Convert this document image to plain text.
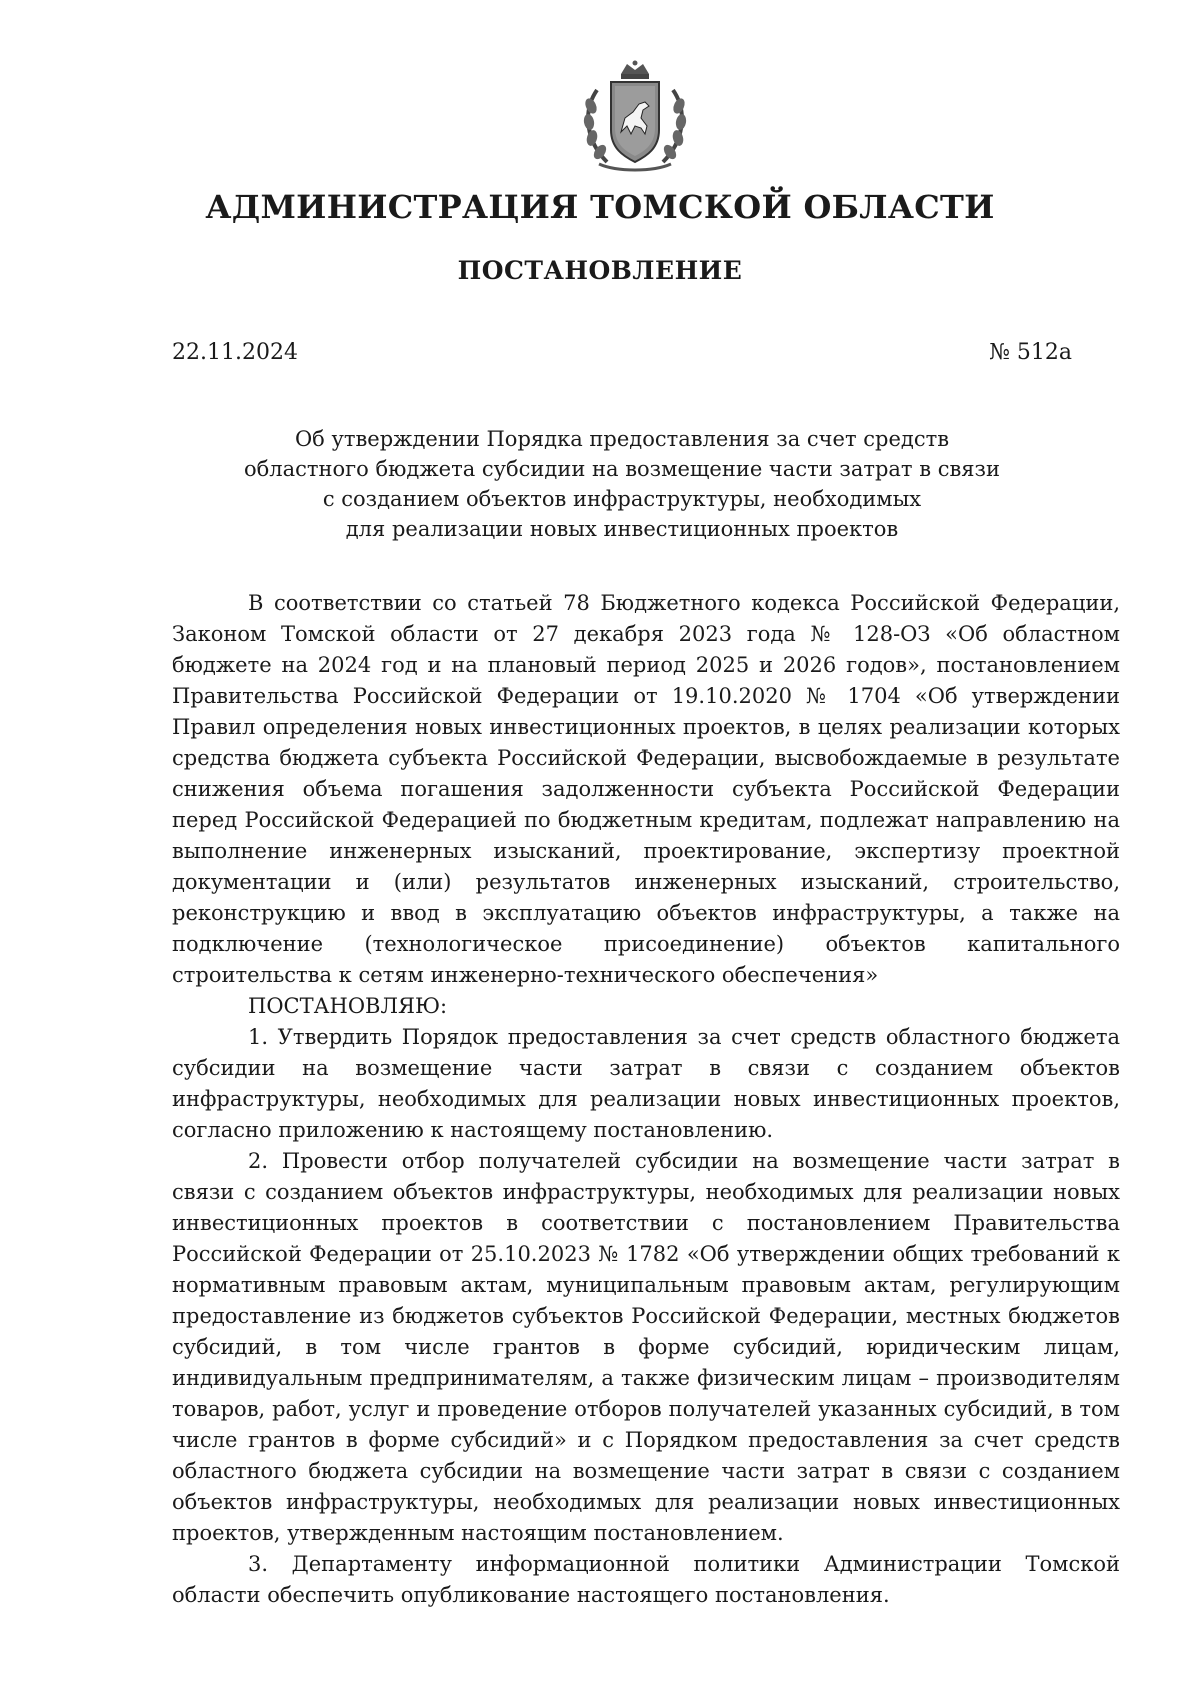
АДМИНИСТРАЦИЯ ТОМСКОЙ ОБЛАСТИ
ПОСТАНОВЛЕНИЕ
22.11.2024	№ 512а
Об утверждении Порядка предоставления за счет средств
областного бюджета субсидии на возмещение части затрат в связи
с созданием объектов инфраструктуры, необходимых
для реализации новых инвестиционных проектов

В соответствии со статьей 78 Бюджетного кодекса Российской Федерации, Законом Томской области от 27 декабря 2023 года № 128-ОЗ «Об областном бюджете на 2024 год и на плановый период 2025 и 2026 годов», постановлением Правительства Российской Федерации от 19.10.2020 № 1704 «Об утверждении Правил определения новых инвестиционных проектов, в целях реализации которых средства бюджета субъекта Российской Федерации, высвобождаемые в результате снижения объема погашения задолженности субъекта Российской Федерации перед Российской Федерацией по бюджетным кредитам, подлежат направлению на выполнение инженерных изысканий, проектирование, экспертизу проектной документации и (или) результатов инженерных изысканий, строительство, реконструкцию и ввод в эксплуатацию объектов инфраструктуры, а также на подключение (технологическое присоединение) объектов капитального строительства к сетям инженерно-технического обеспечения»

ПОСТАНОВЛЯЮ:

1. Утвердить Порядок предоставления за счет средств областного бюджета субсидии на возмещение части затрат в связи с созданием объектов инфраструктуры, необходимых для реализации новых инвестиционных проектов, согласно приложению к настоящему постановлению.

2. Провести отбор получателей субсидии на возмещение части затрат в связи с созданием объектов инфраструктуры, необходимых для реализации новых инвестиционных проектов в соответствии с постановлением Правительства Российской Федерации от 25.10.2023 № 1782 «Об утверждении общих требований к нормативным правовым актам, муниципальным правовым актам, регулирующим предоставление из бюджетов субъектов Российской Федерации, местных бюджетов субсидий, в том числе грантов в форме субсидий, юридическим лицам, индивидуальным предпринимателям, а также физическим лицам – производителям товаров, работ, услуг и проведение отборов получателей указанных субсидий, в том числе грантов в форме субсидий» и с Порядком предоставления за счет средств областного бюджета субсидии на возмещение части затрат в связи с созданием объектов инфраструктуры, необходимых для реализации новых инвестиционных проектов, утвержденным настоящим постановлением.

3. Департаменту информационной политики Администрации Томской области обеспечить опубликование настоящего постановления.
